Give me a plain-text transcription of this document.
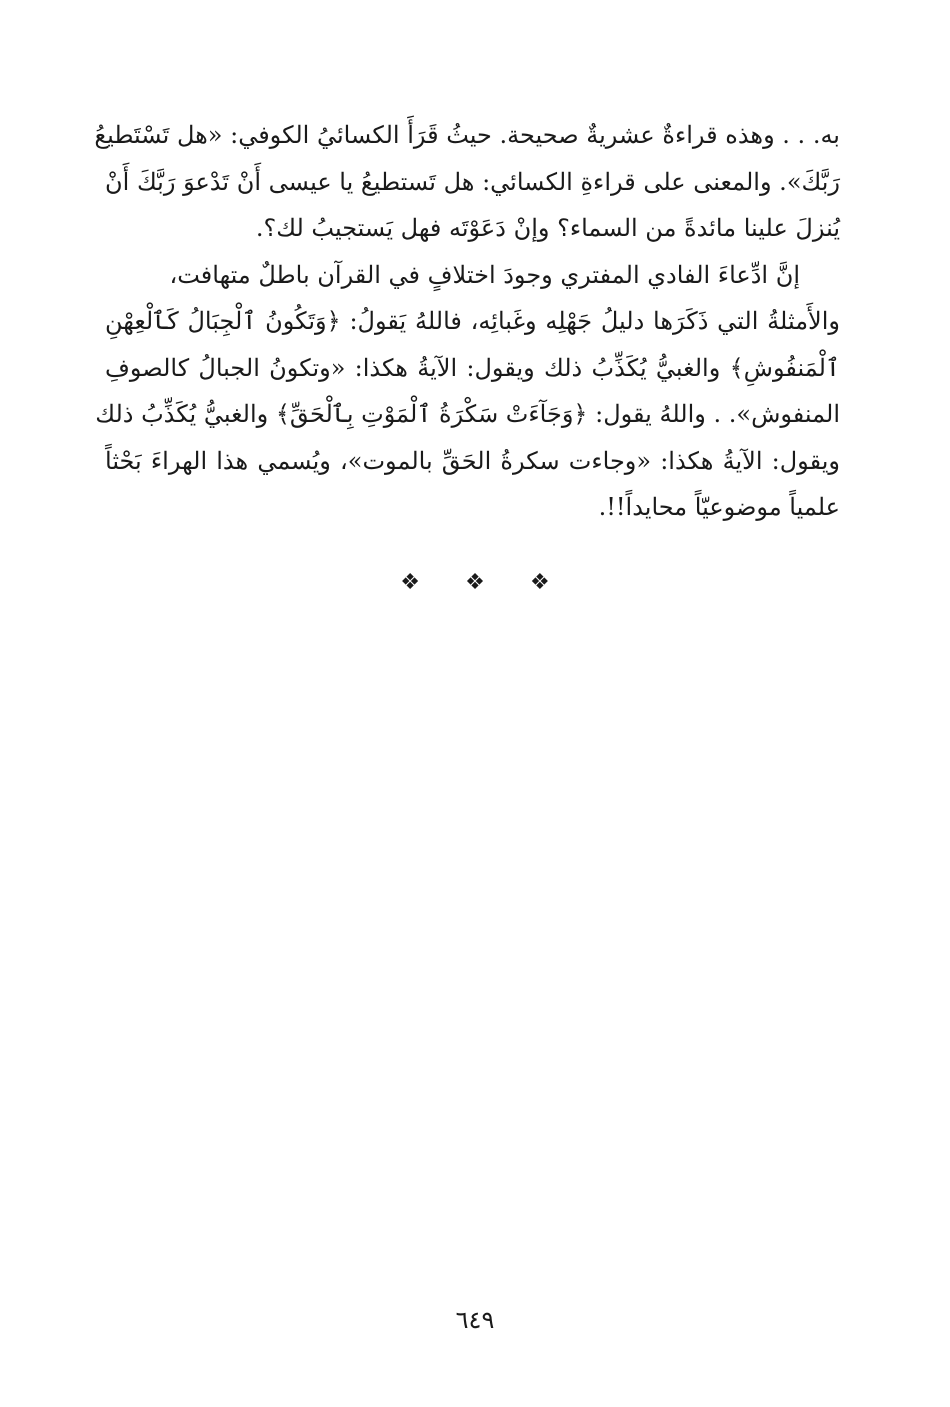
به. . . وهذه قراءةٌ عشريةٌ صحيحة. حيثُ قَرَأَ الكسائيُ الكوفي: «هل تَسْتَطيعُ
رَبَّكَ». والمعنى على قراءةِ الكسائي: هل تَستطيعُ يا عيسى أَنْ تَدْعوَ رَبَّكَ أَنْ
يُنزلَ علينا مائدةً من السماء؟ وإنْ دَعَوْتَه فهل يَستجيبُ لك؟.
إنَّ ادِّعاءَ الفادي المفتري وجودَ اختلافٍ في القرآن باطلٌ متهافت،
والأَمثلةُ التي ذَكَرَها دليلُ جَهْلِه وغَبائِه، فاللهُ يَقولُ: ﴿وَتَكُونُ ٱلْجِبَالُ كَٱلْعِهْنِ
ٱلْمَنفُوشِ﴾ والغبيُّ يُكَذِّبُ ذلك ويقول: الآيةُ هكذا: «وتكونُ الجبالُ كالصوفِ
المنفوش». . واللهُ يقول: ﴿وَجَآءَتْ سَكْرَةُ ٱلْمَوْتِ بِٱلْحَقِّ﴾ والغبيُّ يُكَذِّبُ ذلك
ويقول: الآيةُ هكذا: «وجاءت سكرةُ الحَقِّ بالموت»، ويُسمي هذا الهراءَ بَحْثاً
علمياً موضوعيّاً محايداً!!.
❖ ❖ ❖
٦٤٩
